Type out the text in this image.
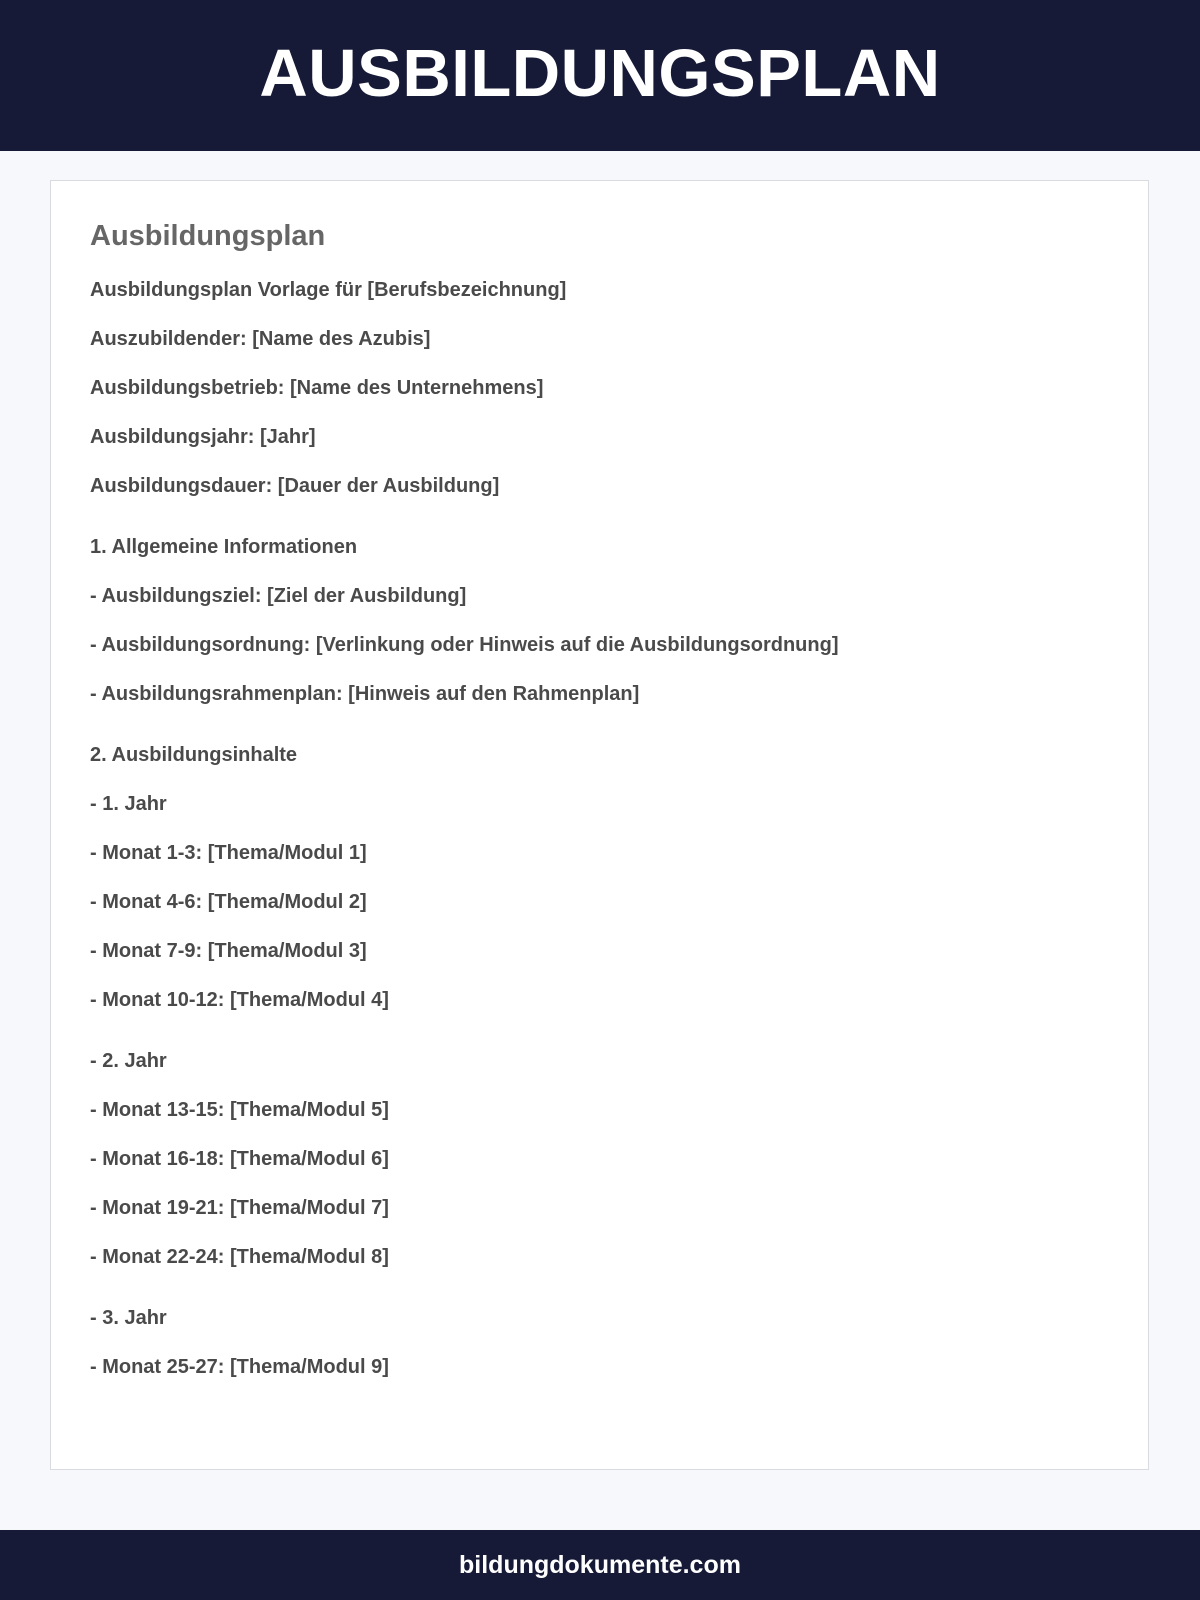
AUSBILDUNGSPLAN
Ausbildungsplan

Ausbildungsplan Vorlage für [Berufsbezeichnung]

Auszubildender: [Name des Azubis]

Ausbildungsbetrieb: [Name des Unternehmens]

Ausbildungsjahr: [Jahr]

Ausbildungsdauer: [Dauer der Ausbildung]

1. Allgemeine Informationen

- Ausbildungsziel: [Ziel der Ausbildung]

- Ausbildungsordnung: [Verlinkung oder Hinweis auf die Ausbildungsordnung]

- Ausbildungsrahmenplan: [Hinweis auf den Rahmenplan]

2. Ausbildungsinhalte

- 1. Jahr

- Monat 1-3: [Thema/Modul 1]

- Monat 4-6: [Thema/Modul 2]

- Monat 7-9: [Thema/Modul 3]

- Monat 10-12: [Thema/Modul 4]

- 2. Jahr

- Monat 13-15: [Thema/Modul 5]

- Monat 16-18: [Thema/Modul 6]

- Monat 19-21: [Thema/Modul 7]

- Monat 22-24: [Thema/Modul 8]

- 3. Jahr

- Monat 25-27: [Thema/Modul 9]

bildungdokumente.com
